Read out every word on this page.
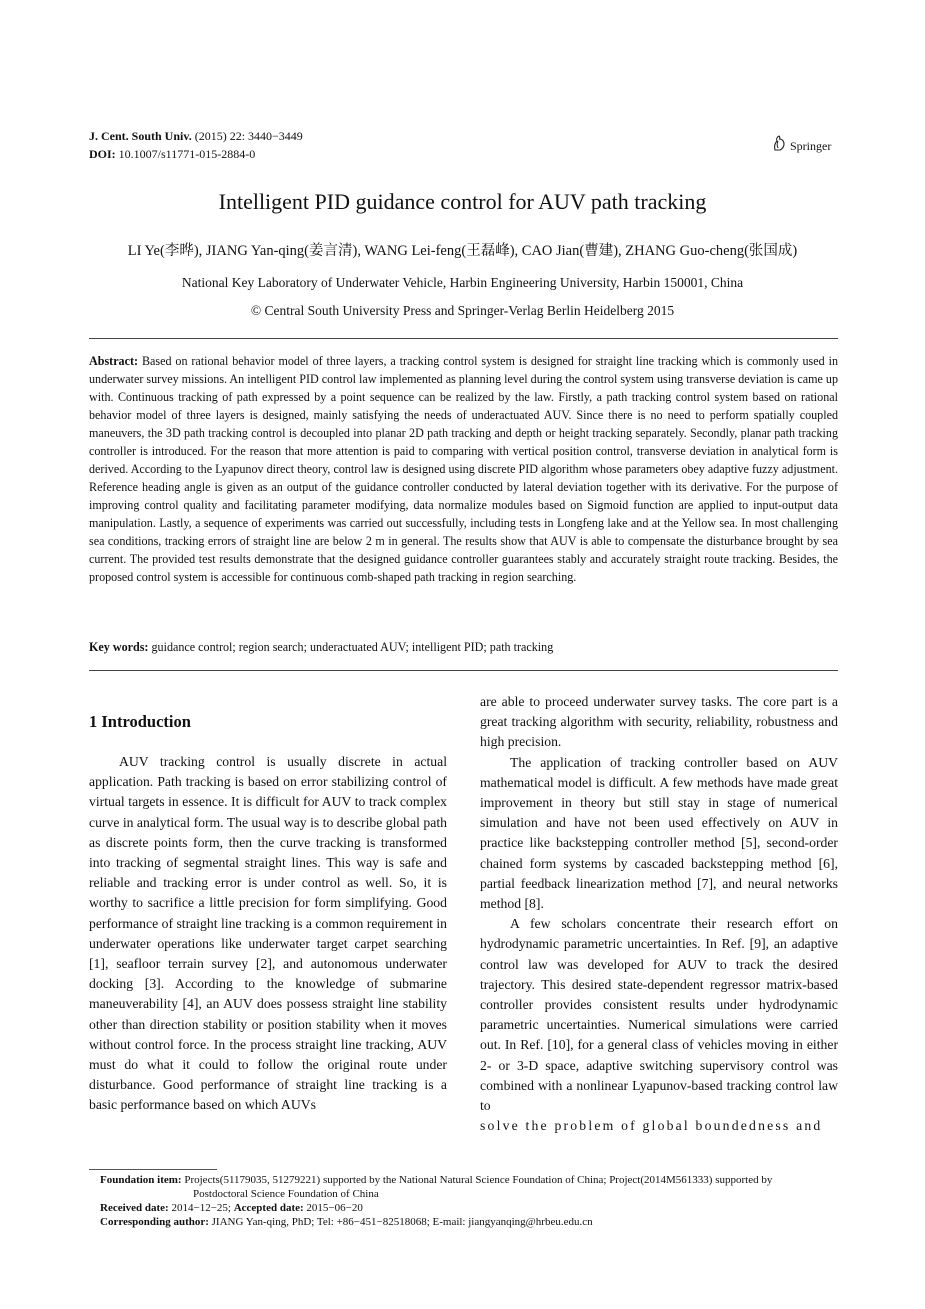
J. Cent. South Univ. (2015) 22: 3440−3449
DOI: 10.1007/s11771-015-2884-0
Springer
Intelligent PID guidance control for AUV path tracking
LI Ye(李晔), JIANG Yan-qing(姜言清), WANG Lei-feng(王磊峰), CAO Jian(曹建), ZHANG Guo-cheng(张国成)
National Key Laboratory of Underwater Vehicle, Harbin Engineering University, Harbin 150001, China
© Central South University Press and Springer-Verlag Berlin Heidelberg 2015
Abstract: Based on rational behavior model of three layers, a tracking control system is designed for straight line tracking which is commonly used in underwater survey missions. An intelligent PID control law implemented as planning level during the control system using transverse deviation is came up with. Continuous tracking of path expressed by a point sequence can be realized by the law. Firstly, a path tracking control system based on rational behavior model of three layers is designed, mainly satisfying the needs of underactuated AUV. Since there is no need to perform spatially coupled maneuvers, the 3D path tracking control is decoupled into planar 2D path tracking and depth or height tracking separately. Secondly, planar path tracking controller is introduced. For the reason that more attention is paid to comparing with vertical position control, transverse deviation in analytical form is derived. According to the Lyapunov direct theory, control law is designed using discrete PID algorithm whose parameters obey adaptive fuzzy adjustment. Reference heading angle is given as an output of the guidance controller conducted by lateral deviation together with its derivative. For the purpose of improving control quality and facilitating parameter modifying, data normalize modules based on Sigmoid function are applied to input-output data manipulation. Lastly, a sequence of experiments was carried out successfully, including tests in Longfeng lake and at the Yellow sea. In most challenging sea conditions, tracking errors of straight line are below 2 m in general. The results show that AUV is able to compensate the disturbance brought by sea current. The provided test results demonstrate that the designed guidance controller guarantees stably and accurately straight route tracking. Besides, the proposed control system is accessible for continuous comb-shaped path tracking in region searching.
Key words: guidance control; region search; underactuated AUV; intelligent PID; path tracking
1 Introduction

AUV tracking control is usually discrete in actual application. Path tracking is based on error stabilizing control of virtual targets in essence. It is difficult for AUV to track complex curve in analytical form. The usual way is to describe global path as discrete points form, then the curve tracking is transformed into tracking of segmental straight lines. This way is safe and reliable and tracking error is under control as well. So, it is worthy to sacrifice a little precision for form simplifying. Good performance of straight line tracking is a common requirement in underwater operations like underwater target carpet searching [1], seafloor terrain survey [2], and autonomous underwater docking [3]. According to the knowledge of submarine maneuverability [4], an AUV does possess straight line stability other than direction stability or position stability when it moves without control force. In the process straight line tracking, AUV must do what it could to follow the original route under disturbance. Good performance of straight line tracking is a basic performance based on which AUVs

are able to proceed underwater survey tasks. The core part is a great tracking algorithm with security, reliability, robustness and high precision.

The application of tracking controller based on AUV mathematical model is difficult. A few methods have made great improvement in theory but still stay in stage of numerical simulation and have not been used effectively on AUV in practice like backstepping controller method [5], second-order chained form systems by cascaded backstepping method [6], partial feedback linearization method [7], and neural networks method [8].

A few scholars concentrate their research effort on hydrodynamic parametric uncertainties. In Ref. [9], an adaptive control law was developed for AUV to track the desired trajectory. This desired state-dependent regressor matrix-based controller provides consistent results under hydrodynamic parametric uncertainties. Numerical simulations were carried out. In Ref. [10], for a general class of vehicles moving in either 2- or 3-D space, adaptive switching supervisory control was combined with a nonlinear Lyapunov-based tracking control law to

solve the problem of global boundedness and

Foundation item: Projects(51179035, 51279221) supported by the National Natural Science Foundation of China; Project(2014M561333) supported by
Postdoctoral Science Foundation of China
Received date: 2014−12−25; Accepted date: 2015−06−20
Corresponding author: JIANG Yan-qing, PhD; Tel: +86−451−82518068; E-mail: jiangyanqing@hrbeu.edu.cn
